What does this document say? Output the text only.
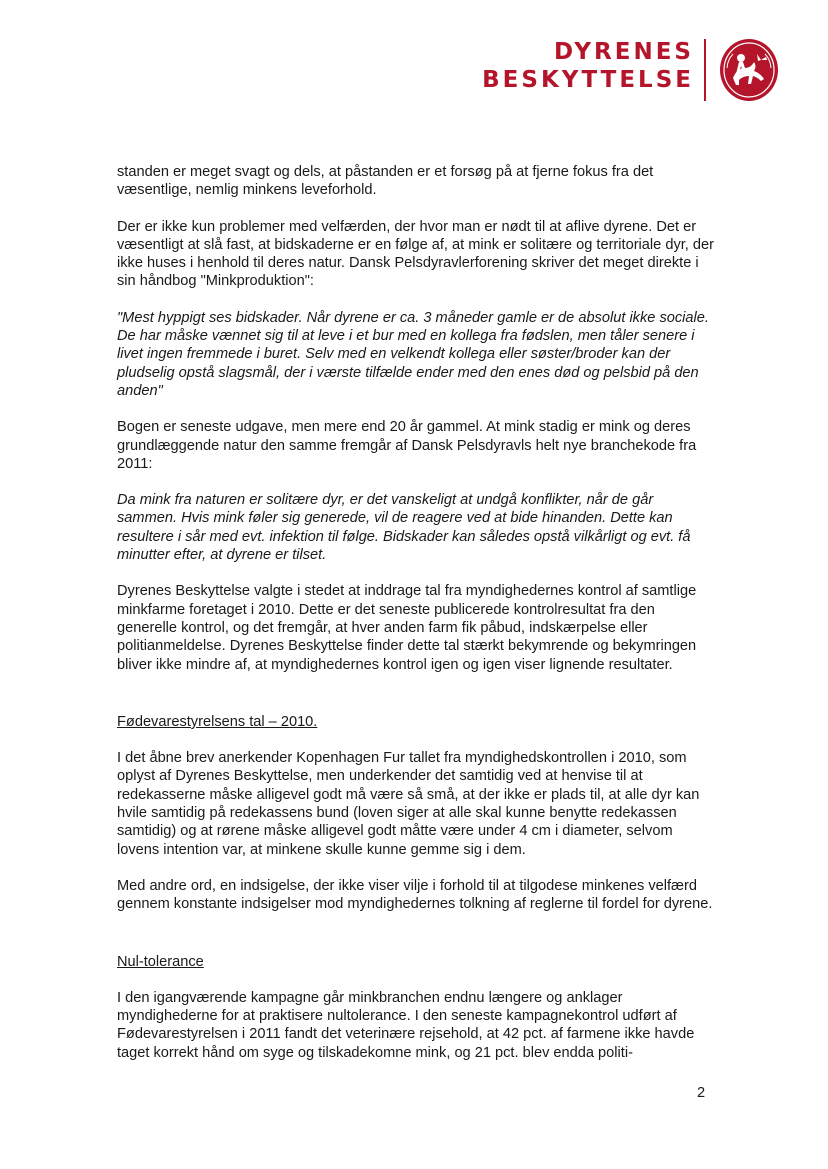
DYRENES
BESKYTTELSE

standen er meget svagt og dels, at påstanden er et forsøg på at fjerne fokus fra det væsentlige, nemlig minkens leveforhold.

Der er ikke kun problemer med velfærden, der hvor man er nødt til at aflive dyrene. Det er væsentligt at slå fast, at bidskaderne er en følge af, at mink er solitære og territoriale dyr, der ikke huses i henhold til deres natur. Dansk Pelsdyravlerforening skriver det meget direkte i sin håndbog "Minkproduktion":

"Mest hyppigt ses bidskader. Når dyrene er ca. 3 måneder gamle er de absolut ikke sociale. De har måske vænnet sig til at leve i et bur med en kollega fra fødslen, men tåler senere i livet ingen fremmede i buret. Selv med en velkendt kollega eller søster/broder kan der pludselig opstå slagsmål, der i værste tilfælde ender med den enes død og pelsbid på den anden"

Bogen er seneste udgave, men mere end 20 år gammel. At mink stadig er mink og deres grundlæggende natur den samme fremgår af Dansk Pelsdyravls helt nye branchekode fra 2011:

Da mink fra naturen er solitære dyr, er det vanskeligt at undgå konflikter, når de går sammen. Hvis mink føler sig generede, vil de reagere ved at bide hinanden. Dette kan resultere i sår med evt. infektion til følge. Bidskader kan således opstå vilkårligt og evt. få minutter efter, at dyrene er tilset.

Dyrenes Beskyttelse valgte i stedet at inddrage tal fra myndighedernes kontrol af samtlige minkfarme foretaget i 2010. Dette er det seneste publicerede kontrolresultat fra den generelle kontrol, og det fremgår, at hver anden farm fik påbud, indskærpelse eller politianmeldelse. Dyrenes Beskyttelse finder dette tal stærkt bekymrende og bekymringen bliver ikke mindre af, at myndighedernes kontrol igen og igen viser lignende resultater.

Fødevarestyrelsens tal – 2010.

I det åbne brev anerkender Kopenhagen Fur tallet fra myndighedskontrollen i 2010, som oplyst af Dyrenes Beskyttelse, men underkender det samtidig ved at henvise til at redekasserne måske alligevel godt må være så små, at der ikke er plads til, at alle dyr kan hvile samtidig på redekassens bund (loven siger at alle skal kunne benytte redekassen samtidig) og at rørene måske alligevel godt måtte være under 4 cm i diameter, selvom lovens intention var, at minkene skulle kunne gemme sig i dem.

Med andre ord, en indsigelse, der ikke viser vilje i forhold til at tilgodese minkenes velfærd gennem konstante indsigelser mod myndighedernes tolkning af reglerne til fordel for dyrene.

Nul-tolerance

I den igangværende kampagne går minkbranchen endnu længere og anklager myndighederne for at praktisere nultolerance. I den seneste kampagnekontrol udført af Fødevarestyrelsen i 2011 fandt det veterinære rejsehold, at 42 pct. af farmene ikke havde taget korrekt hånd om syge og tilskadekomne mink, og 21 pct. blev endda politi-

2
